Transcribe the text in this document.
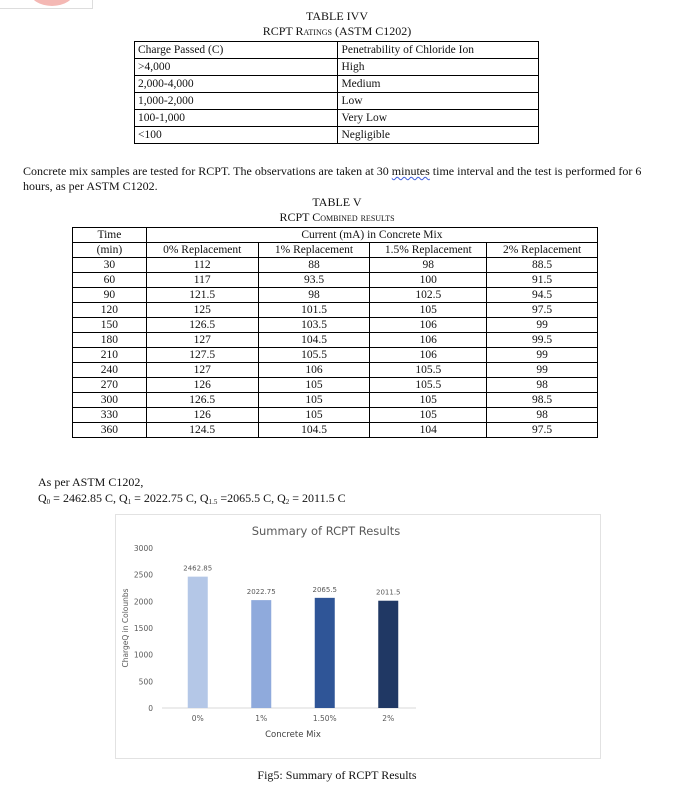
TABLE IVV
RCPT Ratings (ASTM C1202)
Charge Passed (C)	Penetrability of Chloride Ion
>4,000	High
2,000-4,000	Medium
1,000-2,000	Low
100-1,000	Very Low
<100	Negligible
Concrete mix samples are tested for RCPT. The observations are taken at 30 minutes time interval and the test is performed for 6 hours, as per ASTM C1202.
TABLE V
RCPT Combined results
Time	Current (mA) in Concrete Mix			
(min)	0% Replacement	1% Replacement	1.5% Replacement	2% Replacement
30	112	88	98	88.5
60	117	93.5	100	91.5
90	121.5	98	102.5	94.5
120	125	101.5	105	97.5
150	126.5	103.5	106	99
180	127	104.5	106	99.5
210	127.5	105.5	106	99
240	127	106	105.5	99
270	126	105	105.5	98
300	126.5	105	105	98.5
330	126	105	105	98
360	124.5	104.5	104	97.5
As per ASTM C1202,
$Q_0 = 2462.85$ C, $Q_1 = 2022.75$ C, $Q_{1.5} =2065.5$ C, $Q_2 = 2011.5$ C
Summary of RCPT Results
ChargeQ in Colounbs
0
500
1000
1500
2000
2500
3000
2462.85
0%
2022.75
1%
2065.5
1.50%
2011.5
2%
Concrete Mix
Fig5: Summary of RCPT Results
